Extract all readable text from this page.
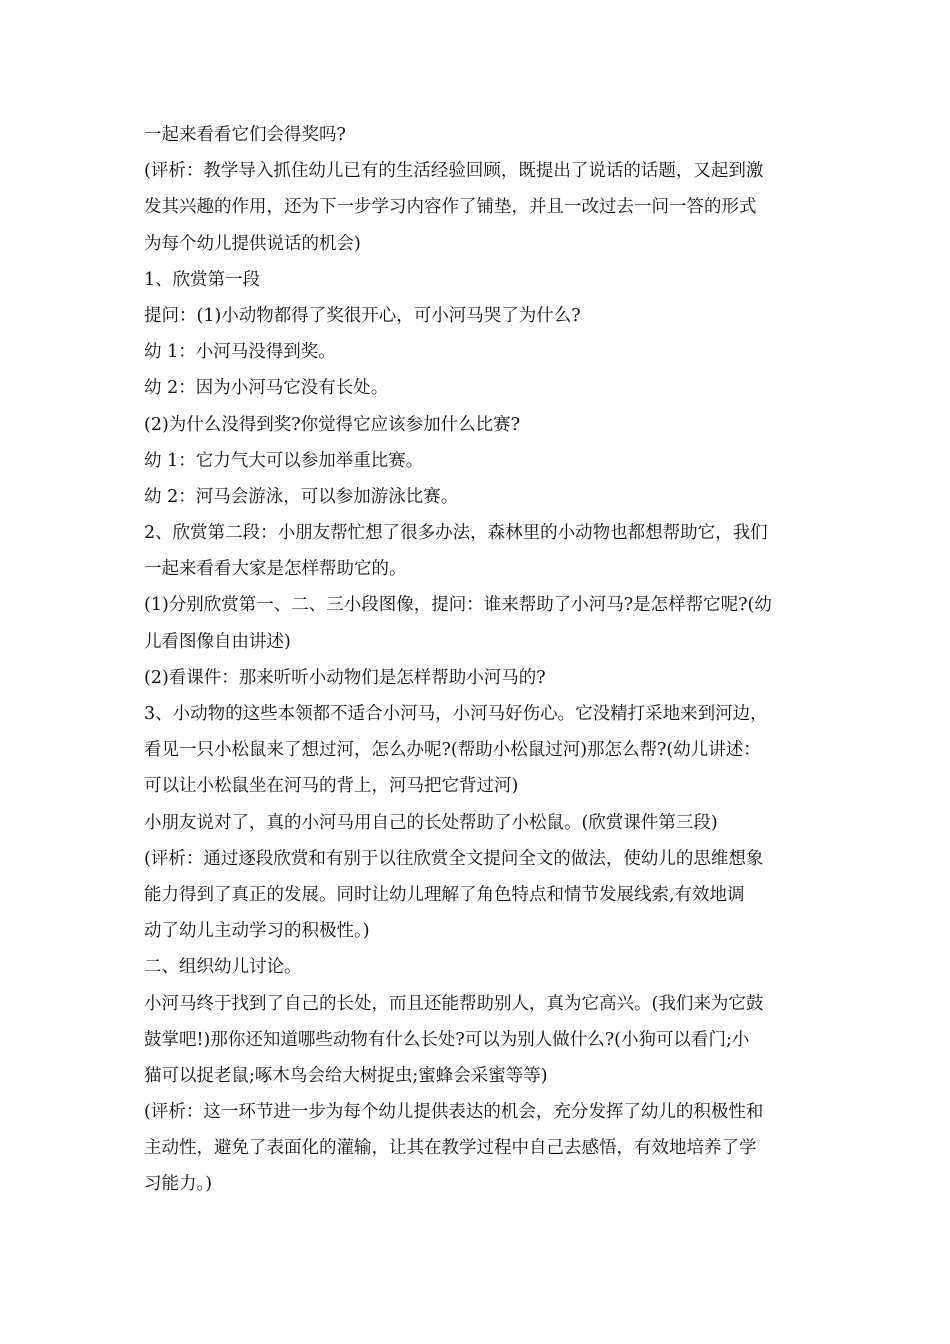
一起来看看它们会得奖吗?
(评析：教学导入抓住幼儿已有的生活经验回顾，既提出了说话的话题，又起到激
发其兴趣的作用，还为下一步学习内容作了铺垫，并且一改过去一问一答的形式
为每个幼儿提供说话的机会)
1、欣赏第一段
提问：(1)小动物都得了奖很开心，可小河马哭了为什么?
幼 1：小河马没得到奖。
幼 2：因为小河马它没有长处。
(2)为什么没得到奖?你觉得它应该参加什么比赛?
幼 1：它力气大可以参加举重比赛。
幼 2：河马会游泳，可以参加游泳比赛。
2、欣赏第二段：小朋友帮忙想了很多办法，森林里的小动物也都想帮助它，我们
一起来看看大家是怎样帮助它的。
(1)分别欣赏第一、二、三小段图像，提问：谁来帮助了小河马?是怎样帮它呢?(幼
儿看图像自由讲述)
(2)看课件：那来听听小动物们是怎样帮助小河马的?
3、小动物的这些本领都不适合小河马，小河马好伤心。它没精打采地来到河边，
看见一只小松鼠来了想过河，怎么办呢?(帮助小松鼠过河)那怎么帮?(幼儿讲述：
可以让小松鼠坐在河马的背上，河马把它背过河)
小朋友说对了，真的小河马用自己的长处帮助了小松鼠。(欣赏课件第三段)
(评析：通过逐段欣赏和有别于以往欣赏全文提问全文的做法，使幼儿的思维想象
能力得到了真正的发展。同时让幼儿理解了角色特点和情节发展线索,有效地调
动了幼儿主动学习的积极性。)
二、组织幼儿讨论。
小河马终于找到了自己的长处，而且还能帮助别人，真为它高兴。(我们来为它鼓
鼓掌吧!)那你还知道哪些动物有什么长处?可以为别人做什么?(小狗可以看门;小
猫可以捉老鼠;啄木鸟会给大树捉虫;蜜蜂会采蜜等等)
(评析：这一环节进一步为每个幼儿提供表达的机会，充分发挥了幼儿的积极性和
主动性，避免了表面化的灌输，让其在教学过程中自己去感悟，有效地培养了学
习能力。)
